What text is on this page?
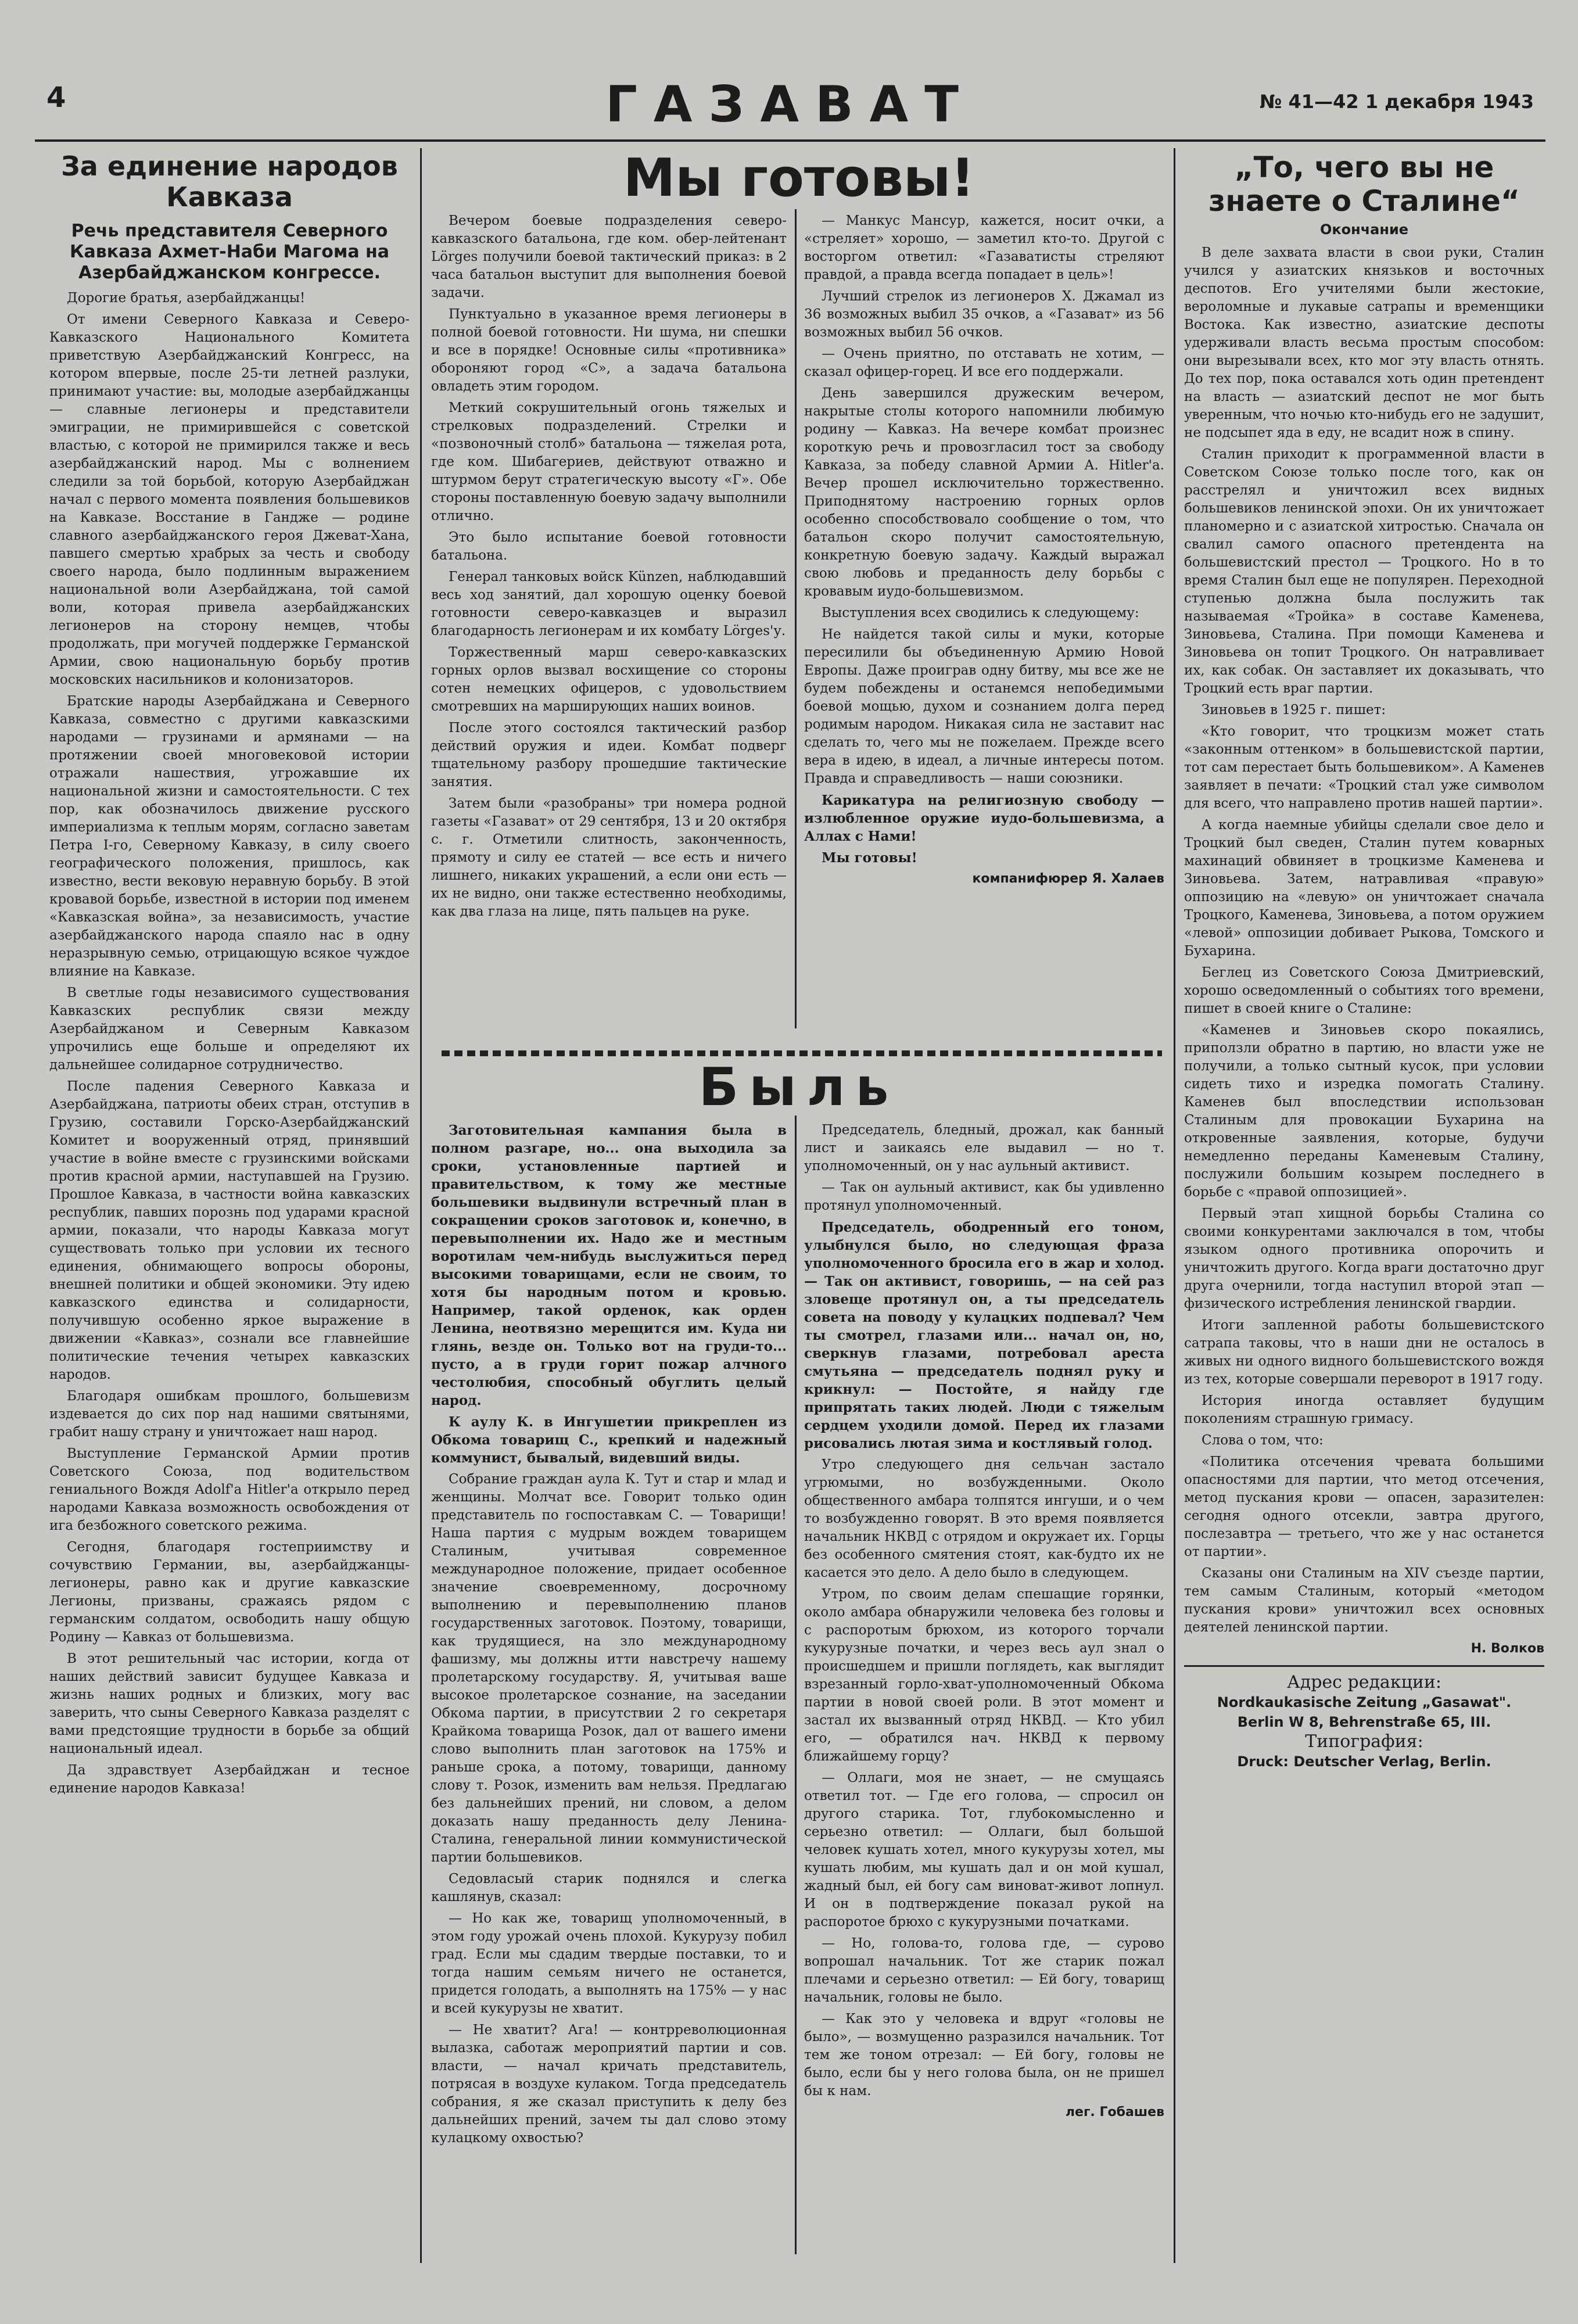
4	ГАЗАВАТ	№ 41—42 1 декабря 1943
За единение народов Кавказа
Речь представителя Северного Кавказа Ахмет-Наби Магома на Азербайджанском конгрессе.

Дорогие братья, азербайджанцы!

От имени Северного Кавказа и Северо-Кавказского Национального Комитета приветствую Азербайджанский Конгресс, на котором впервые, после 25-ти летней разлуки, принимают участие: вы, молодые азербайджанцы — славные легионеры и представители эмиграции, не примирившейся с советской властью, с которой не примирился также и весь азербайджанский народ. Мы с волнением следили за той борьбой, которую Азербайджан начал с первого момента появления большевиков на Кавказе. Восстание в Гандже — родине славного азербайджанского героя Джеват-Хана, павшего смертью храбрых за честь и свободу своего народа, было подлинным выражением национальной воли Азербайджана, той самой воли, которая привела азербайджанских легионеров на сторону немцев, чтобы продолжать, при могучей поддержке Германской Армии, свою национальную борьбу против московских насильников и колонизаторов.

Братские народы Азербайджана и Северного Кавказа, совместно с другими кавказскими народами — грузинами и армянами — на протяжении своей многовековой истории отражали нашествия, угрожавшие их национальной жизни и самостоятельности. С тех пор, как обозначилось движение русского империализма к теплым морям, согласно заветам Петра I-го, Северному Кавказу, в силу своего географического положения, пришлось, как известно, вести вековую неравную борьбу. В этой кровавой борьбе, известной в истории под именем «Кавказская война», за независимость, участие азербайджанского народа спаяло нас в одну неразрывную семью, отрицающую всякое чуждое влияние на Кавказе.

В светлые годы независимого существования Кавказских республик связи между Азербайджаном и Северным Кавказом упрочились еще больше и определяют их дальнейшее солидарное сотрудничество.

После падения Северного Кавказа и Азербайджана, патриоты обеих стран, отступив в Грузию, составили Горско-Азербайджанский Комитет и вооруженный отряд, принявший участие в войне вместе с грузинскими войсками против красной армии, наступавшей на Грузию. Прошлое Кавказа, в частности война кавказских республик, павших порознь под ударами красной армии, показали, что народы Кавказа могут существовать только при условии их тесного единения, обнимающего вопросы обороны, внешней политики и общей экономики. Эту идею кавказского единства и солидарности, получившую особенно яркое выражение в движении «Кавказ», сознали все главнейшие политические течения четырех кавказских народов.

Благодаря ошибкам прошлого, большевизм издевается до сих пор над нашими святынями, грабит нашу страну и уничтожает наш народ.

Выступление Германской Армии против Советского Союза, под водительством гениального Вождя Adolf'a Hitler'a открыло перед народами Кавказа возможность освобождения от ига безбожного советского режима.

Сегодня, благодаря гостеприимству и сочувствию Германии, вы, азербайджанцы-легионеры, равно как и другие кавказские Легионы, призваны, сражаясь рядом с германским солдатом, освободить нашу общую Родину — Кавказ от большевизма.

В этот решительный час истории, когда от наших действий зависит будущее Кавказа и жизнь наших родных и близких, могу вас заверить, что сыны Северного Кавказа разделят с вами предстоящие трудности в борьбе за общий национальный идеал.

Да здравствует Азербайджан и тесное единение народов Кавказа!

Мы готовы!

Вечером боевые подразделения северо-кавказского батальона, где ком. обер-лейтенант Lörges получили боевой тактический приказ: в 2 часа батальон выступит для выполнения боевой задачи.

Пунктуально в указанное время легионеры в полной боевой готовности. Ни шума, ни спешки и все в порядке! Основные силы «противника» обороняют город «С», а задача батальона овладеть этим городом.

Меткий сокрушительный огонь тяжелых и стрелковых подразделений. Стрелки и «позвоночный столб» батальона — тяжелая рота, где ком. Шибагериев, действуют отважно и штурмом берут стратегическую высоту «Г». Обе стороны поставленную боевую задачу выполнили отлично.

Это было испытание боевой готовности батальона.

Генерал танковых войск Künzen, наблюдавший весь ход занятий, дал хорошую оценку боевой готовности северо-кавказцев и выразил благодарность легионерам и их комбату Lörges'у.

Торжественный марш северо-кавказских горных орлов вызвал восхищение со стороны сотен немецких офицеров, с удовольствием смотревших на марширующих наших воинов.

После этого состоялся тактический разбор действий оружия и идеи. Комбат подверг тщательному разбору прошедшие тактические занятия.

Затем были «разобраны» три номера родной газеты «Газават» от 29 сентября, 13 и 20 октября с. г. Отметили слитность, законченность, прямоту и силу ее статей — все есть и ничего лишнего, никаких украшений, а если они есть — их не видно, они также естественно необходимы, как два глаза на лице, пять пальцев на руке.

— Манкус Мансур, кажется, носит очки, а «стреляет» хорошо, — заметил кто-то. Другой с восторгом ответил: «Газаватисты стреляют правдой, а правда всегда попадает в цель»!

Лучший стрелок из легионеров Х. Джамал из 36 возможных выбил 35 очков, а «Газават» из 56 возможных выбил 56 очков.

— Очень приятно, по отставать не хотим, — сказал офицер-горец. И все его поддержали.

День завершился дружеским вечером, накрытые столы которого напомнили любимую родину — Кавказ. На вечере комбат произнес короткую речь и провозгласил тост за свободу Кавказа, за победу славной Армии А. Hitler'а. Вечер прошел исключительно торжественно. Приподнятому настроению горных орлов особенно способствовало сообщение о том, что батальон скоро получит самостоятельную, конкретную боевую задачу. Каждый выражал свою любовь и преданность делу борьбы с кровавым иудо-большевизмом.

Выступления всех сводились к следующему:

Не найдется такой силы и муки, которые пересилили бы объединенную Армию Новой Европы. Даже проиграв одну битву, мы все же не будем побеждены и останемся непобедимыми боевой мощью, духом и сознанием долга перед родимым народом. Никакая сила не заставит нас сделать то, чего мы не пожелаем. Прежде всего вера в идею, в идеал, а личные интересы потом. Правда и справедливость — наши союзники.

Карикатура на религиозную свободу — излюбленное оружие иудо-большевизма, а Аллах с Нами!

Мы готовы!

компанифюрер Я. Халаев
Быль

Заготовительная кампания была в полном разгаре, но... она выходила за сроки, установленные партией и правительством, к тому же местные большевики выдвинули встречный план в сокращении сроков заготовок и, конечно, в перевыполнении их. Надо же и местным воротилам чем-нибудь выслужиться перед высокими товарищами, если не своим, то хотя бы народным потом и кровью. Например, такой орденок, как орден Ленина, неотвязно мерещится им. Куда ни глянь, везде он. Только вот на груди-то... пусто, а в груди горит пожар алчного честолюбия, способный обуглить целый народ.

К аулу К. в Ингушетии прикреплен из Обкома товарищ С., крепкий и надежный коммунист, бывалый, видевший виды.

Собрание граждан аула К. Тут и стар и млад и женщины. Молчат все. Говорит только один представитель по госпоставкам С. — Товарищи! Наша партия с мудрым вождем товарищем Сталиным, учитывая современное международное положение, придает особенное значение своевременному, досрочному выполнению и перевыполнению планов государственных заготовок. Поэтому, товарищи, как трудящиеся, на зло международному фашизму, мы должны итти навстречу нашему пролетарскому государству. Я, учитывая ваше высокое пролетарское сознание, на заседании Обкома партии, в присутствии 2 го секретаря Крайкома товарища Розок, дал от вашего имени слово выполнить план заготовок на 175% и раньше срока, а потому, товарищи, данному слову т. Розок, изменить вам нельзя. Предлагаю без дальнейших прений, ни словом, а делом доказать нашу преданность делу Ленина-Сталина, генеральной линии коммунистической партии большевиков.

Седовласый старик поднялся и слегка кашлянув, сказал:

— Но как же, товарищ уполномоченный, в этом году урожай очень плохой. Кукурузу побил град. Если мы сдадим твердые поставки, то и тогда нашим семьям ничего не останется, придется голодать, а выполнять на 175% — у нас и всей кукурузы не хватит.

— Не хватит? Ага! — контрреволюционная вылазка, саботаж мероприятий партии и сов. власти, — начал кричать представитель, потрясая в воздухе кулаком. Тогда председатель собрания, я же сказал приступить к делу без дальнейших прений, зачем ты дал слово этому кулацкому охвостью?

Председатель, бледный, дрожал, как банный лист и заикаясь еле выдавил — но т. уполномоченный, он у нас аульный активист.

— Так он аульный активист, как бы удивленно протянул уполномоченный.

Председатель, ободренный его тоном, улыбнулся было, но следующая фраза уполномоченного бросила его в жар и холод. — Так он активист, говоришь, — на сей раз зловеще протянул он, а ты председатель совета на поводу у кулацких подпевал? Чем ты смотрел, глазами или... начал он, но, сверкнув глазами, потребовал ареста смутьяна — председатель поднял руку и крикнул: — Постойте, я найду где припрятать таких людей. Люди с тяжелым сердцем уходили домой. Перед их глазами рисовались лютая зима и костлявый голод.

Утро следующего дня сельчан застало угрюмыми, но возбужденными. Около общественного амбара толпятся ингуши, и о чем то возбужденно говорят. В это время появляется начальник НКВД с отрядом и окружает их. Горцы без особенного смятения стоят, как-будто их не касается это дело. А дело было в следующем.

Утром, по своим делам спешащие горянки, около амбара обнаружили человека без головы и с распоротым брюхом, из которого торчали кукурузные початки, и через весь аул знал о происшедшем и пришли поглядеть, как выглядит взрезанный горло-хват-уполномоченный Обкома партии в новой своей роли. В этот момент и застал их вызванный отряд НКВД. — Кто убил его, — обратился нач. НКВД к первому ближайшему горцу?

— Оллаги, моя не знает, — не смущаясь ответил тот. — Где его голова, — спросил он другого старика. Тот, глубокомысленно и серьезно ответил: — Оллаги, был большой человек кушать хотел, много кукурузы хотел, мы кушать любим, мы кушать дал и он мой кушал, жадный был, ей богу сам виноват-живот лопнул. И он в подтверждение показал рукой на распоротое брюхо с кукурузными початками.

— Но, голова-то, голова где, — сурово вопрошал начальник. Тот же старик пожал плечами и серьезно ответил: — Ей богу, товарищ начальник, головы не было.

— Как это у человека и вдруг «головы не было», — возмущенно разразился начальник. Тот тем же тоном отрезал: — Ей богу, головы не было, если бы у него голова была, он не пришел бы к нам.

лег. Гобашев
„То, чего вы не знаете о Сталине“
Окончание

В деле захвата власти в свои руки, Сталин учился у азиатских князьков и восточных деспотов. Его учителями были жестокие, вероломные и лукавые сатрапы и временщики Востока. Как известно, азиатские деспоты удерживали власть весьма простым способом: они вырезывали всех, кто мог эту власть отнять. До тех пор, пока оставался хоть один претендент на власть — азиатский деспот не мог быть уверенным, что ночью кто-нибудь его не задушит, не подсыпет яда в еду, не всадит нож в спину.

Сталин приходит к программенной власти в Советском Союзе только после того, как он расстрелял и уничтожил всех видных большевиков ленинской эпохи. Он их уничтожает планомерно и с азиатской хитростью. Сначала он свалил самого опасного претендента на большевистский престол — Троцкого. Но в то время Сталин был еще не популярен. Переходной ступенью должна была послужить так называемая «Тройка» в составе Каменева, Зиновьева, Сталина. При помощи Каменева и Зиновьева он топит Троцкого. Он натравливает их, как собак. Он заставляет их доказывать, что Троцкий есть враг партии.

Зиновьев в 1925 г. пишет:

«Кто говорит, что троцкизм может стать «законным оттенком» в большевистской партии, тот сам перестает быть большевиком». А Каменев заявляет в печати: «Троцкий стал уже символом для всего, что направлено против нашей партии».

А когда наемные убийцы сделали свое дело и Троцкий был сведен, Сталин путем коварных махинаций обвиняет в троцкизме Каменева и Зиновьева. Затем, натравливая «правую» оппозицию на «левую» он уничтожает сначала Троцкого, Каменева, Зиновьева, а потом оружием «левой» оппозиции добивает Рыкова, Томского и Бухарина.

Беглец из Советского Союза Дмитриевский, хорошо осведомленный о событиях того времени, пишет в своей книге о Сталине:

«Каменев и Зиновьев скоро покаялись, приползли обратно в партию, но власти уже не получили, а только сытный кусок, при условии сидеть тихо и изредка помогать Сталину. Каменев был впоследствии использован Сталиным для провокации Бухарина на откровенные заявления, которые, будучи немедленно переданы Каменевым Сталину, послужили большим козырем последнего в борьбе с «правой оппозицией».

Первый этап хищной борьбы Сталина со своими конкурентами заключался в том, чтобы языком одного противника опорочить и уничтожить другого. Когда враги достаточно друг друга очернили, тогда наступил второй этап — физического истребления ленинской гвардии.

Итоги запленной работы большевистского сатрапа таковы, что в наши дни не осталось в живых ни одного видного большевистского вождя из тех, которые совершали переворот в 1917 году.

История иногда оставляет будущим поколениям страшную гримасу.

Слова о том, что:

«Политика отсечения чревата большими опасностями для партии, что метод отсечения, метод пускания крови — опасен, заразителен: сегодня одного отсекли, завтра другого, послезавтра — третьего, что же у нас останется от партии».

Сказаны они Сталиным на XIV съезде партии, тем самым Сталиным, который «методом пускания крови» уничтожил всех основных деятелей ленинской партии.

Н. Волков
Адрес редакции:
Nordkaukasische Zeitung „Gasawat".
Berlin W 8, Behrenstraße 65, III.
Типография:
Druck: Deutscher Verlag, Berlin.
